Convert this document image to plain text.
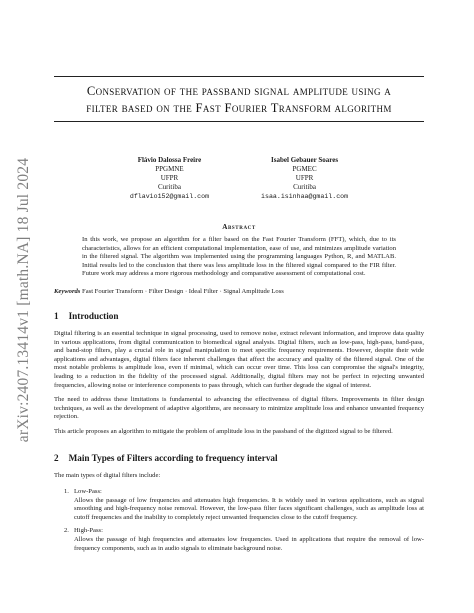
arXiv:2407.13414v1 [math.NA] 18 Jul 2024
Conservation of the passband signal amplitude using a
filter based on the Fast Fourier Transform algorithm
Flávio Dalossa Freire
PPGMNE
UFPR
Curitiba
dflavio152@gmail.com
Isabel Gebauer Soares
PGMEC
UFPR
Curitiba
isaa.isinhaa@gmail.com
Abstract
In this work, we propose an algorithm for a filter based on the Fast Fourier Transform (FFT), which, due to its characteristics, allows for an efficient computational implementation, ease of use, and minimizes amplitude variation in the filtered signal. The algorithm was implemented using the programming languages Python, R, and MATLAB. Initial results led to the conclusion that there was less amplitude loss in the filtered signal compared to the FIR filter. Future work may address a more rigorous methodology and comparative assessment of computational cost.
Keywords Fast Fourier Transform · Filter Design · Ideal Filter · Signal Amplitude Loss
1 Introduction

Digital filtering is an essential technique in signal processing, used to remove noise, extract relevant information, and improve data quality in various applications, from digital communication to biomedical signal analysis. Digital filters, such as low-pass, high-pass, band-pass, and band-stop filters, play a crucial role in signal manipulation to meet specific frequency requirements. However, despite their wide applications and advantages, digital filters face inherent challenges that affect the accuracy and quality of the filtered signal. One of the most notable problems is amplitude loss, even if minimal, which can occur over time. This loss can compromise the signal's integrity, leading to a reduction in the fidelity of the processed signal. Additionally, digital filters may not be perfect in rejecting unwanted frequencies, allowing noise or interference components to pass through, which can further degrade the signal of interest.

The need to address these limitations is fundamental to advancing the effectiveness of digital filters. Improvements in filter design techniques, as well as the development of adaptive algorithms, are necessary to minimize amplitude loss and enhance unwanted frequency rejection.

This article proposes an algorithm to mitigate the problem of amplitude loss in the passband of the digitized signal to be filtered.

2 Main Types of Filters according to frequency interval

The main types of digital filters include:

1. Low-Pass:
Allows the passage of low frequencies and attenuates high frequencies. It is widely used in various applications, such as signal smoothing and high-frequency noise removal. However, the low-pass filter faces significant challenges, such as amplitude loss at cutoff frequencies and the inability to completely reject unwanted frequencies close to the cutoff frequency.
2. High-Pass:
Allows the passage of high frequencies and attenuates low frequencies. Used in applications that require the removal of low-frequency components, such as in audio signals to eliminate background noise.
